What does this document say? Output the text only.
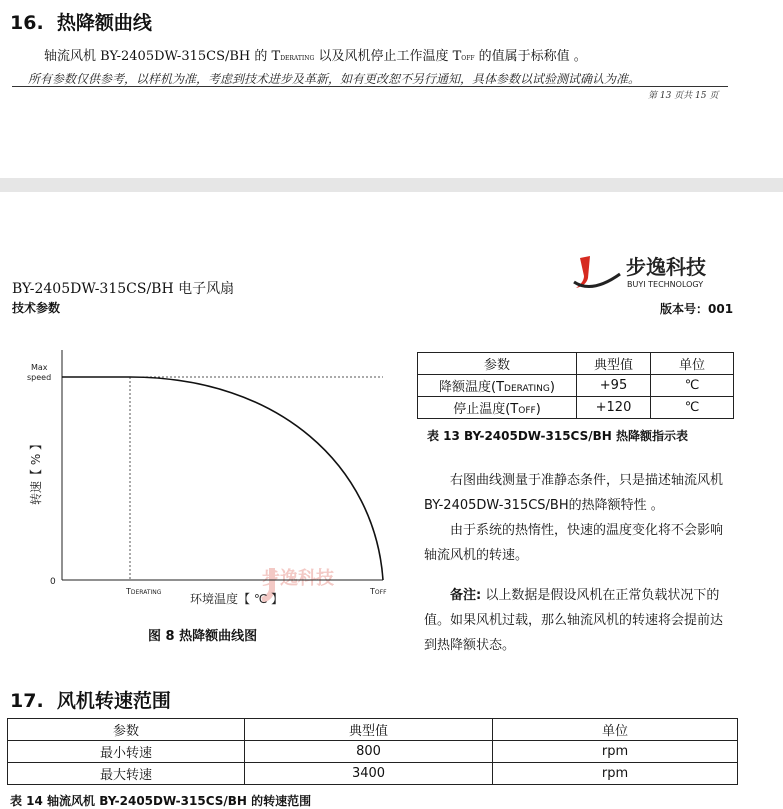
16. 热降额曲线
轴流风机 BY-2405DW-315CS/BH 的 TDERATING 以及风机停止工作温度 TOFF 的值属于标称值 。
所有参数仅供参考，以样机为准，考虑到技术进步及革新，如有更改恕不另行通知，具体参数以试验测试确认为准。
第 13 页共 15 页
BY-2405DW-315CS/BH 电子风扇
技术参数	版本号：001
步逸科技
BUYI TECHNOLOGY
步逸科技
Max
speed
0
转速【 % 】
TDERATING	TOFF
环境温度【 ℃ 】
图 8 热降额曲线图
参数	典型值	单位
降额温度(TDERATING)	+95	℃
停止温度(TOFF)	+120	℃
表 13 BY-2405DW-315CS/BH 热降额指示表
右图曲线测量于准静态条件，只是描述轴流风机BY-2405DW-315CS/BH的热降额特性 。
由于系统的热惰性，快速的温度变化将不会影响轴流风机的转速。
备注: 以上数据是假设风机在正常负载状况下的值。如果风机过载，那么轴流风机的转速将会提前达到热降额状态。
17. 风机转速范围
参数	典型值	单位
最小转速	800	rpm
最大转速	3400	rpm
表 14 轴流风机 BY-2405DW-315CS/BH 的转速范围
